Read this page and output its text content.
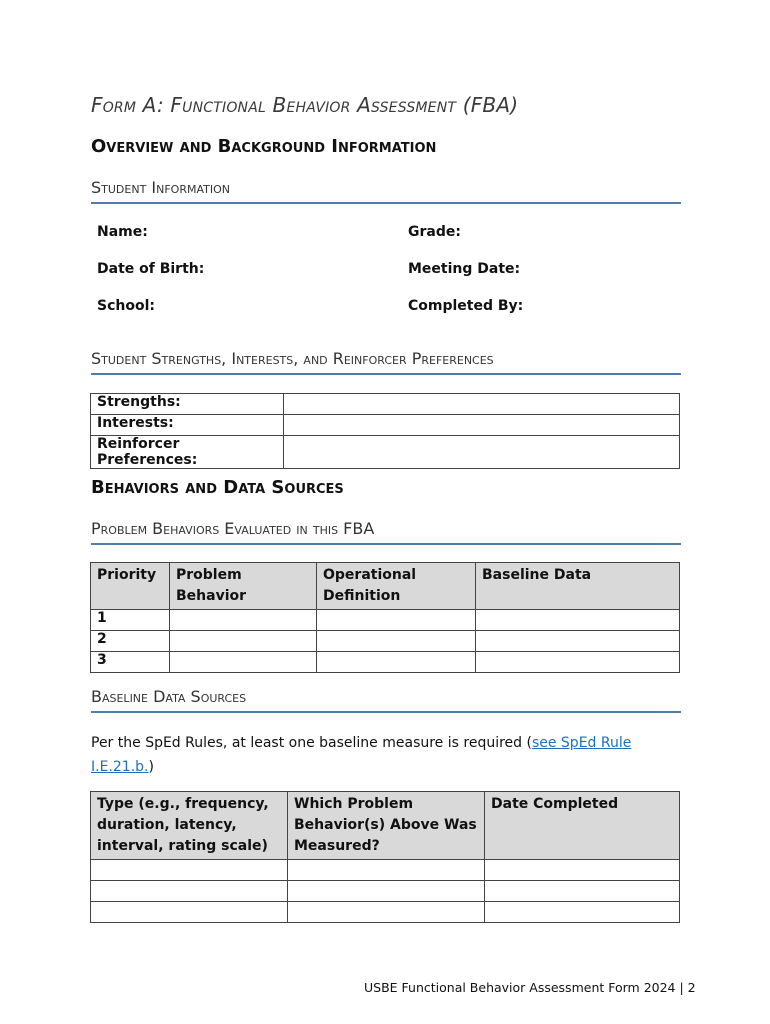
Form A: Functional Behavior Assessment (FBA)
Overview and Background Information
Student Information
Name:	Grade:
Date of Birth:	Meeting Date:
School:	Completed By:
Student Strengths, Interests, and Reinforcer Preferences
Strengths:	
Interests:	
Reinforcer Preferences:	
Behaviors and Data Sources
Problem Behaviors Evaluated in this FBA
Priority	Problem Behavior	Operational Definition	Baseline Data
1			
2			
3			
Baseline Data Sources

Per the SpEd Rules, at least one baseline measure is required (see SpEd Rule I.E.21.b.)

Type (e.g., frequency, duration, latency, interval, rating scale)	Which Problem Behavior(s) Above Was Measured?	Date Completed

USBE Functional Behavior Assessment Form 2024 | 2
